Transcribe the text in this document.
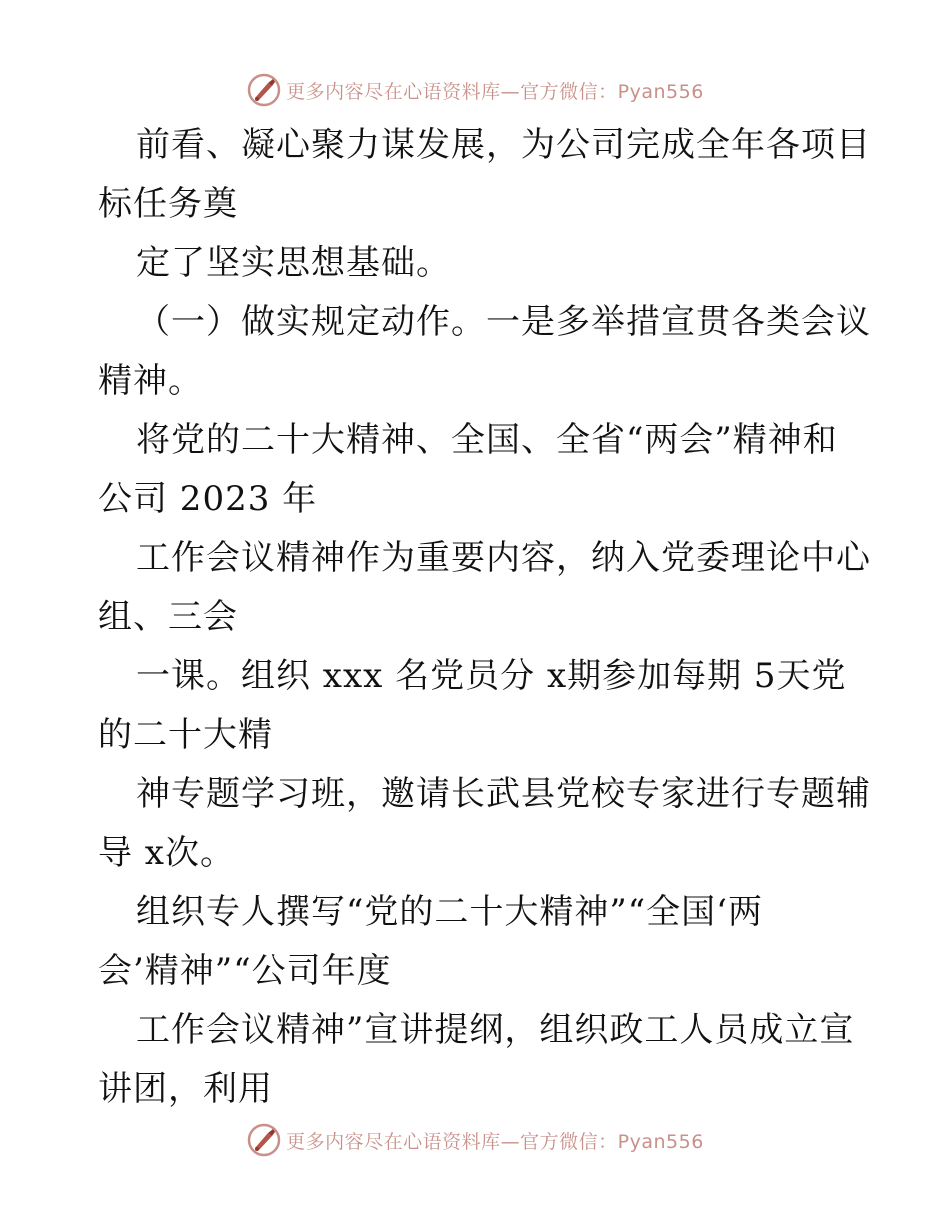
更多内容尽在心语资料库—官方微信：Pyan556
前看、凝心聚力谋发展，为公司完成全年各项目
标任务奠
定了坚实思想基础。
（一）做实规定动作。一是多举措宣贯各类会议
精神。
将党的二十大精神、全国、全省“两会”精神和
公司 2023 年
工作会议精神作为重要内容，纳入党委理论中心
组、三会
一课。组织 xxx 名党员分 x期参加每期 5天党
的二十大精
神专题学习班，邀请长武县党校专家进行专题辅
导 x次。
组织专人撰写“党的二十大精神”“全国‘两
会’精神”“公司年度
工作会议精神”宣讲提纲，组织政工人员成立宣
讲团，利用
更多内容尽在心语资料库—官方微信：Pyan556
